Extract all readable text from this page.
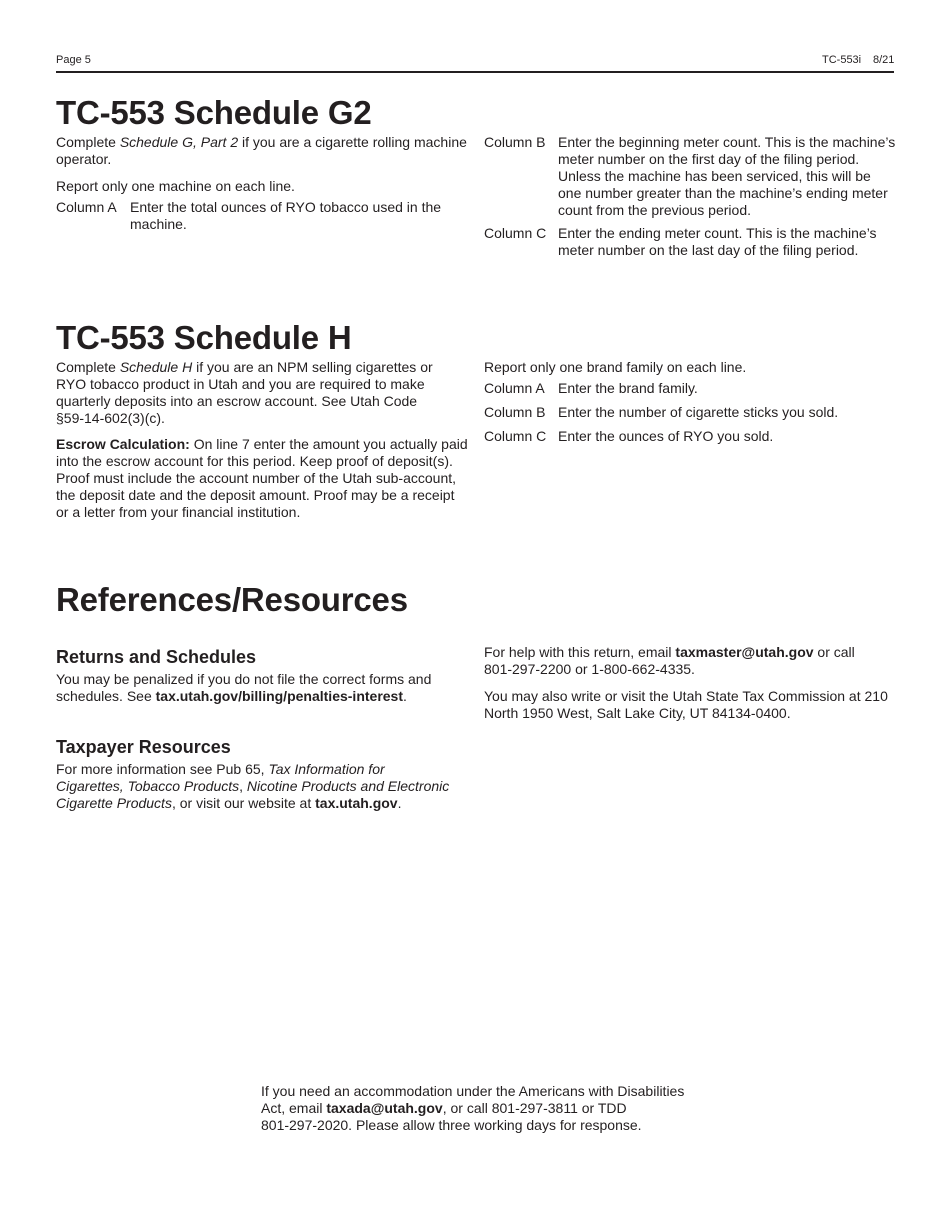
Page 5	TC-553i 8/21
TC-553 Schedule G2

Complete Schedule G, Part 2 if you are a cigarette rolling machine operator.

Report only one machine on each line.

Column A Enter the total ounces of RYO tobacco used in the machine.
Column B Enter the beginning meter count. This is the machine’s meter number on the first day of the filing period. Unless the machine has been serviced, this will be one number greater than the machine’s ending meter count from the previous period.
Column C Enter the ending meter count. This is the machine’s meter number on the last day of the filing period.
TC-553 Schedule H

Complete Schedule H if you are an NPM selling cigarettes or RYO tobacco product in Utah and you are required to make quarterly deposits into an escrow account. See Utah Code §59-14-602(3)(c).

Escrow Calculation: On line 7 enter the amount you actually paid into the escrow account for this period. Keep proof of deposit(s). Proof must include the account number of the Utah sub-account, the deposit date and the deposit amount. Proof may be a receipt or a letter from your financial institution.

Report only one brand family on each line.

Column A Enter the brand family.
Column B Enter the number of cigarette sticks you sold.
Column C Enter the ounces of RYO you sold.
References/Resources
Returns and Schedules

You may be penalized if you do not file the correct forms and schedules. See tax.utah.gov/billing/penalties-interest.

Taxpayer Resources

For more information see Pub 65, Tax Information for Cigarettes, Tobacco Products, Nicotine Products and Electronic Cigarette Products, or visit our website at tax.utah.gov.

For help with this return, email taxmaster@utah.gov or call 801-297-2200 or 1-800-662-4335.

You may also write or visit the Utah State Tax Commission at 210 North 1950 West, Salt Lake City, UT 84134-0400.

If you need an accommodation under the Americans with Disabilities
Act, email taxada@utah.gov, or call 801-297-3811 or TDD
801-297-2020. Please allow three working days for response.
